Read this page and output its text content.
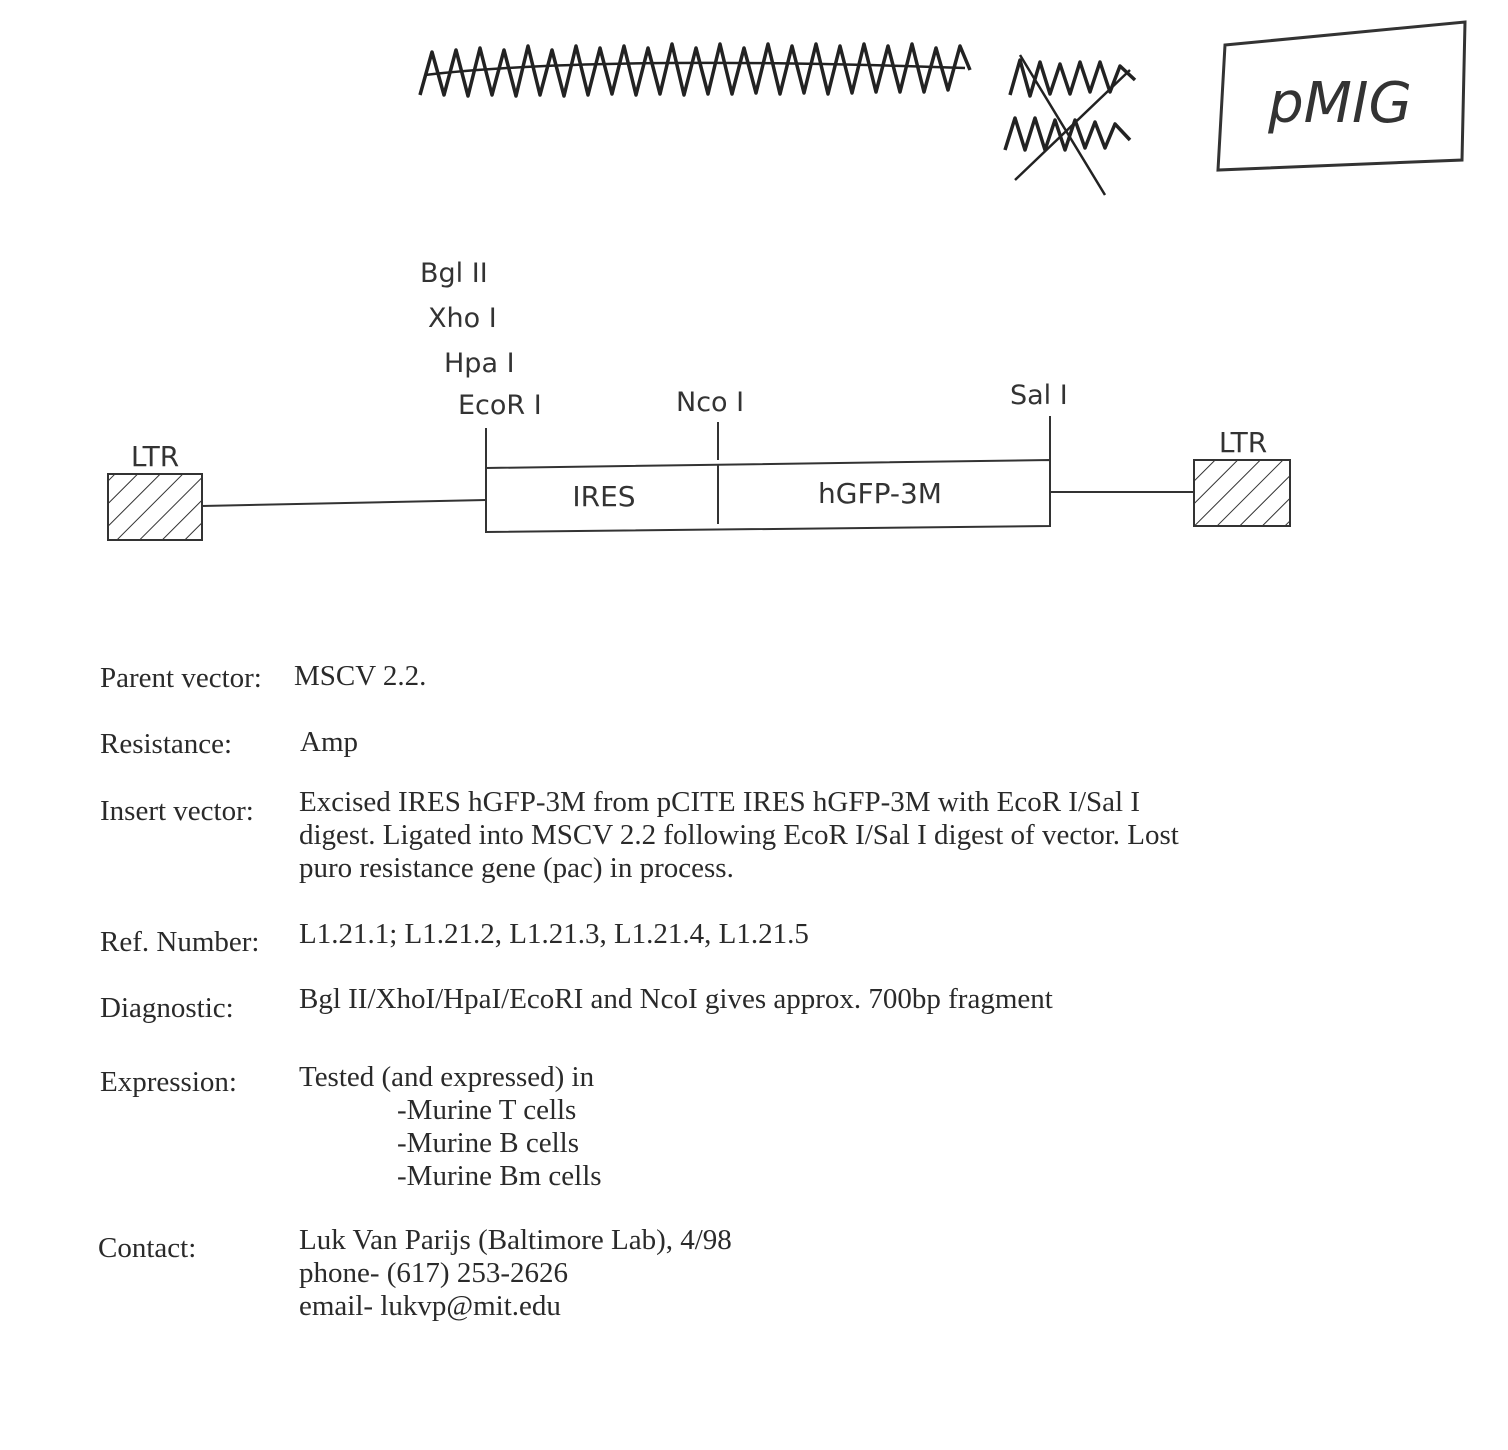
pMIG
Bgl II
Xho I
Hpa I
EcoR I	Nco I	Sal I
IRES	hGFP-3M
LTR	LTR
Parent vector: MSCV 2.2.
Resistance: Amp
Insert vector: Excised IRES hGFP-3M from pCITE IRES hGFP-3M with EcoR I/Sal I
digest. Ligated into MSCV 2.2 following EcoR I/Sal I digest of vector. Lost
puro resistance gene (pac) in process.
Ref. Number: L1.21.1; L1.21.2, L1.21.3, L1.21.4, L1.21.5
Diagnostic: Bgl II/XhoI/HpaI/EcoRI and NcoI gives approx. 700bp fragment
Expression: Tested (and expressed) in
-Murine T cells
-Murine B cells
-Murine Bm cells
Contact:	Luk Van Parijs (Baltimore Lab), 4/98
phone- (617) 253-2626
email- lukvp@mit.edu
